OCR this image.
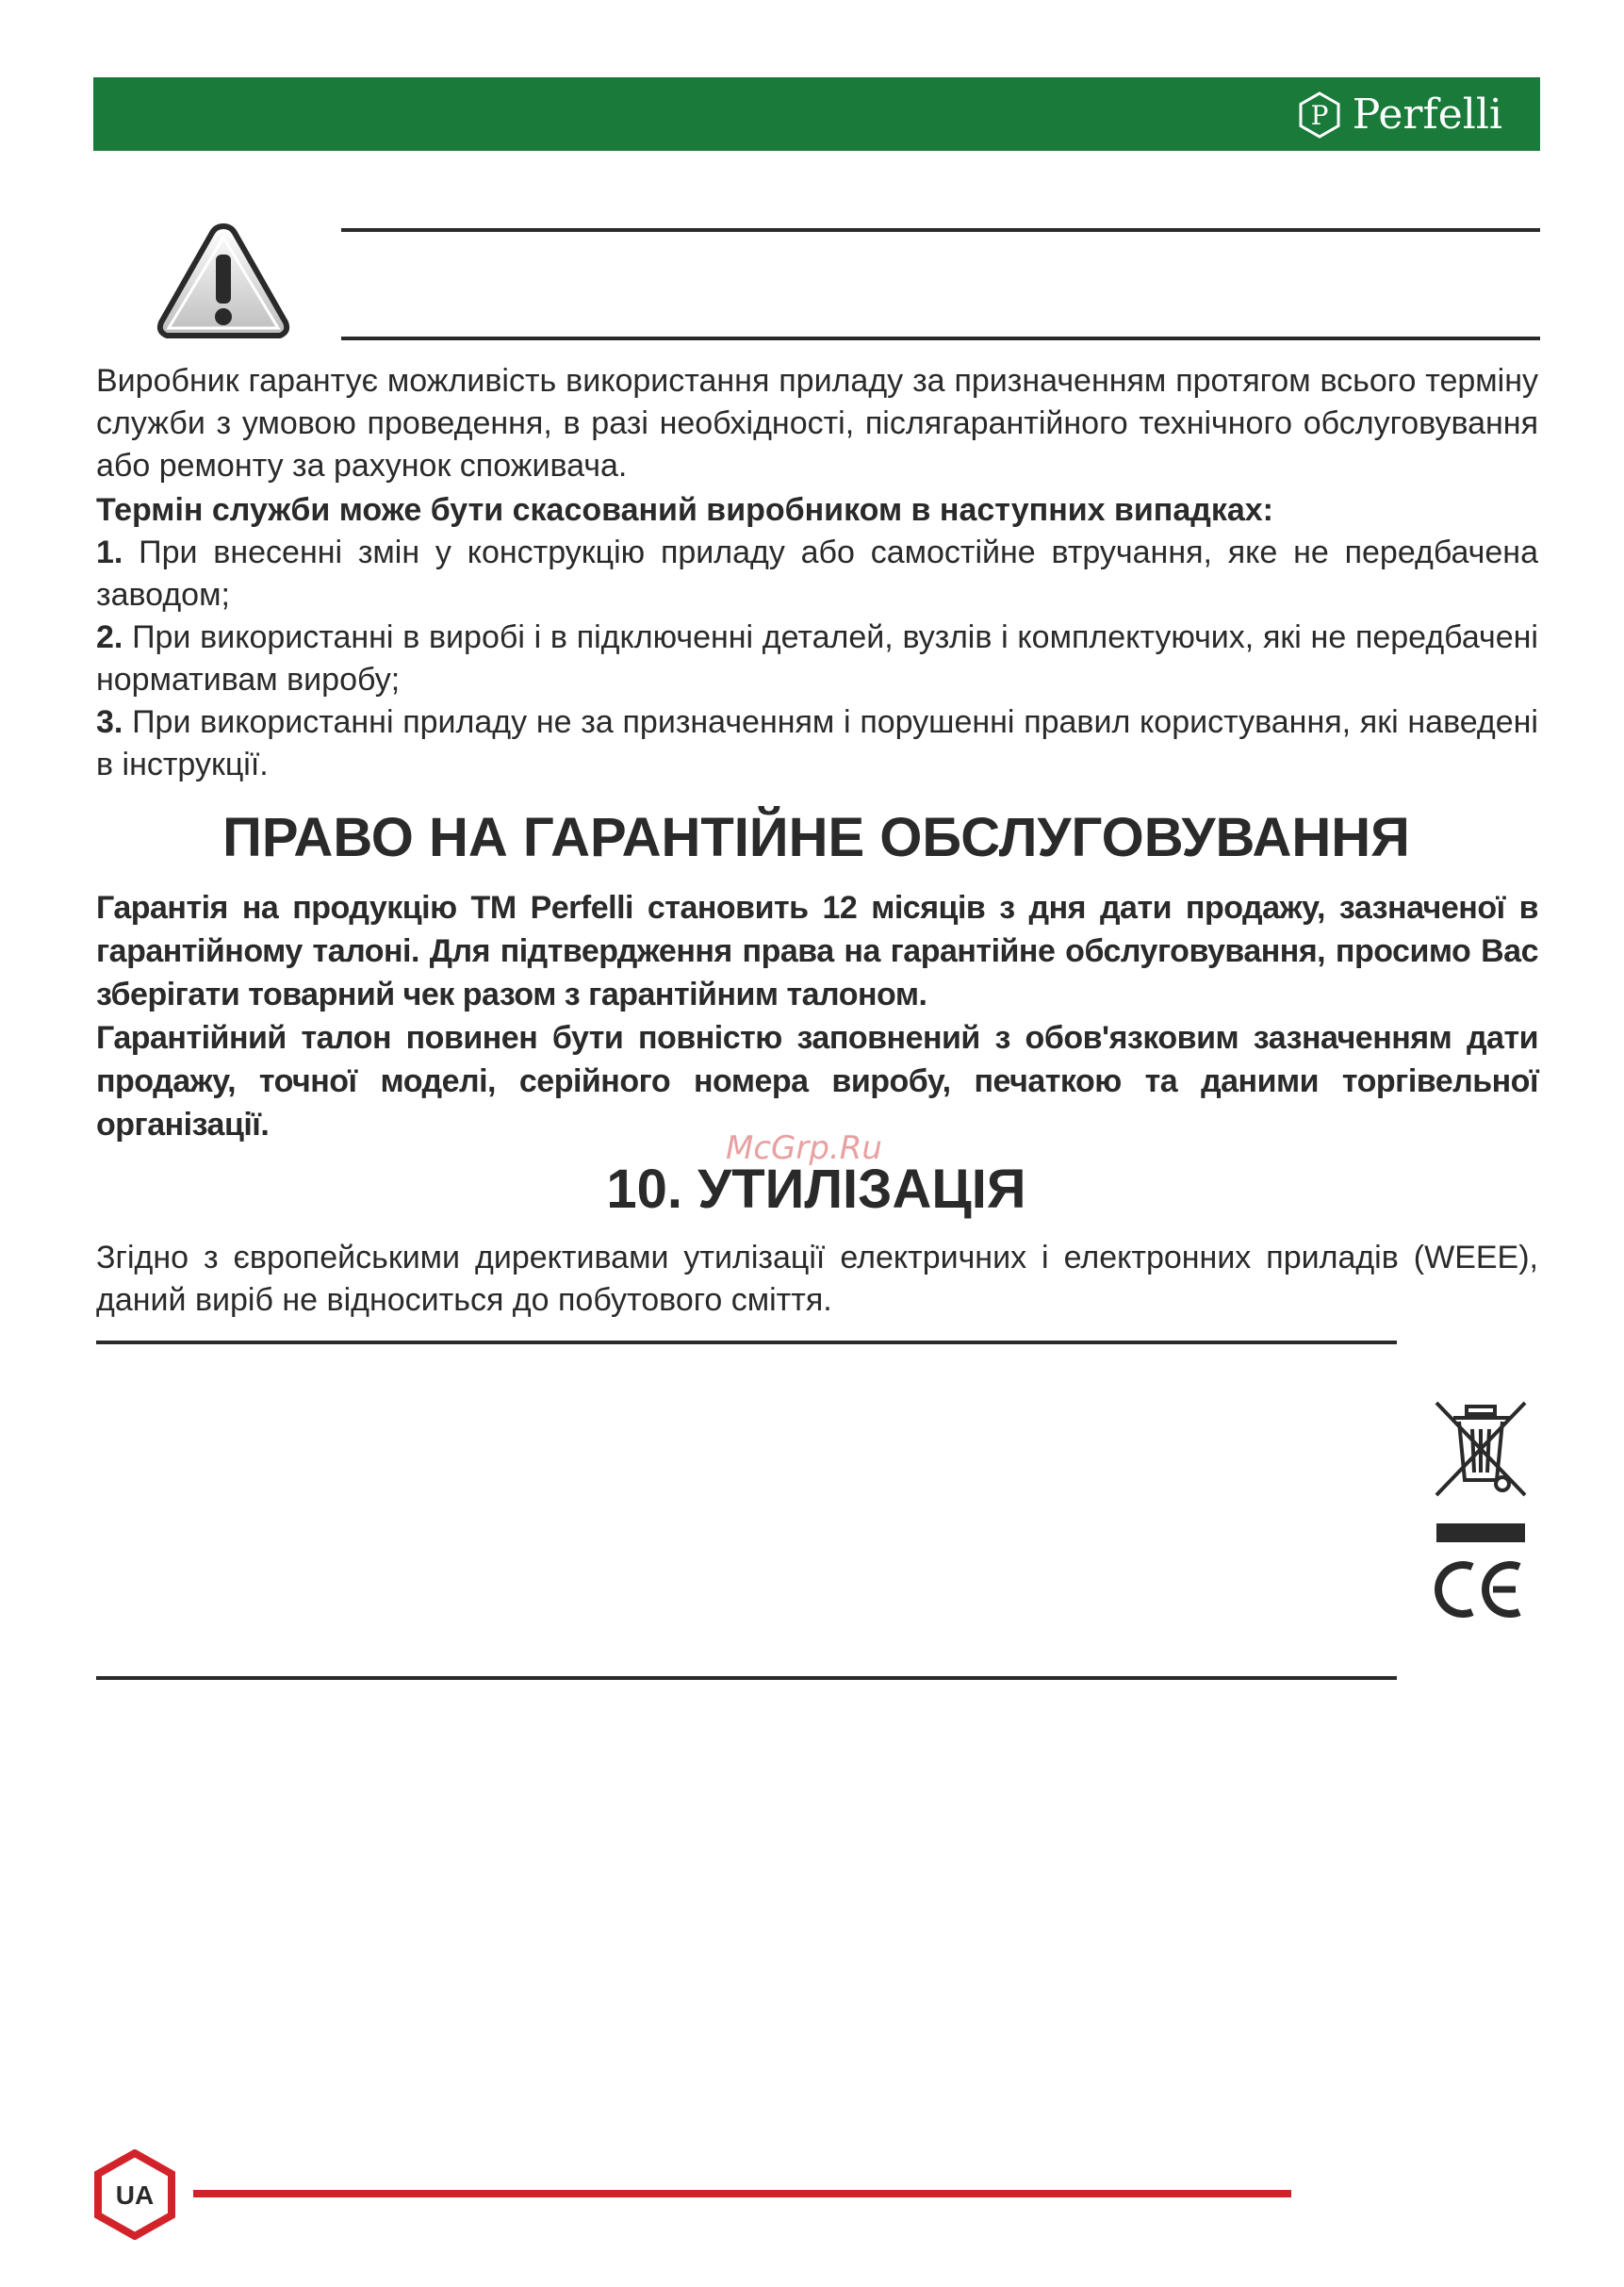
P Perfelli

Виробник гарантує можливість використання приладу за призначенням протягом всього терміну служби з умовою проведення, в разі необхідності, післягарантійного технічного обслуговування або ремонту за рахунок споживача.

Термін служби може бути скасований виробником в наступних випадках:

1. При внесенні змін у конструкцію приладу або самостійне втручання, яке не передбачена заводом;

2. При використанні в виробі і в підключенні деталей, вузлів і комплектуючих, які не передбачені нормативам виробу;

3. При використанні приладу не за призначенням і порушенні правил користування, які наведені в інструкції.

ПРАВО НА ГАРАНТІЙНЕ ОБСЛУГОВУВАННЯ

Гарантія на продукцію ТМ Perfelli становить 12 місяців з дня дати продажу, зазначеної в гарантійному талоні. Для підтвердження права на гарантійне обслуговування, просимо Вас зберігати товарний чек разом з гарантійним талоном.

Гарантійний талон повинен бути повністю заповнений з обов'язковим зазначенням дати продажу, точної моделі, серійного номера виробу, печаткою та даними торгівельної організації.

McGrp.Ru
10. УТИЛІЗАЦІЯ
Згідно з європейськими директивами утилізації електричних і електронних приладів (WEEE), даний виріб не відноситься до побутового сміття.
UA
